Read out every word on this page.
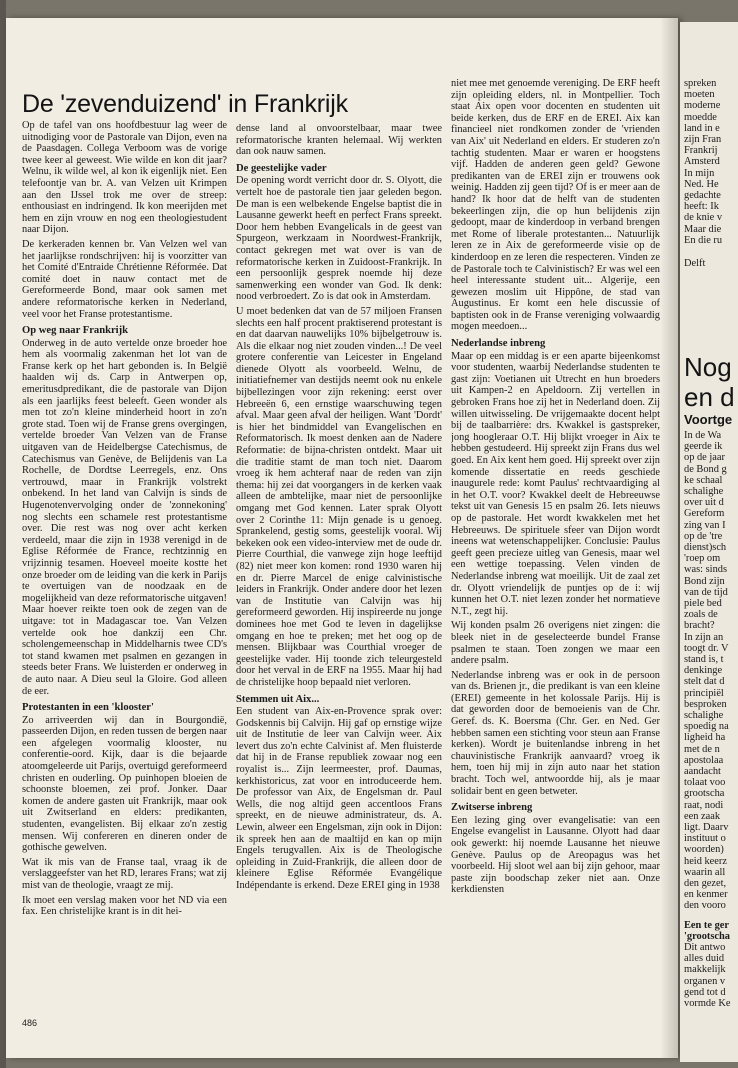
De 'zevenduizend' in Frankrijk

Op de tafel van ons hoofdbestuur lag weer de uitnodiging voor de Pastorale van Dijon, even na de Paasdagen. Collega Verboom was de vorige twee keer al geweest. Wie wilde en kon dit jaar? Welnu, ik wilde wel, al kon ik eigenlijk niet. Een telefoontje van br. A. van Velzen uit Krimpen aan den IJssel trok me over de streep: enthousiast en indringend. Ik kon meerijden met hem en zijn vrouw en nog een theologiestudent naar Dijon.

De kerkeraden kennen br. Van Velzen wel van het jaarlijkse rondschrijven: hij is voorzitter van het Comité d'Entraide Chrétienne Réformée. Dat comité doet in nauw contact met de Gereformeerde Bond, maar ook samen met andere reformatorische kerken in Nederland, veel voor het Franse protestantisme.

Op weg naar Frankrijk

Onderweg in de auto vertelde onze broeder hoe hem als voormalig zakenman het lot van de Franse kerk op het hart gebonden is. In België haalden wij ds. Carp in Antwerpen op, emeritusdpredikant, die de pastorale van Dijon als een jaarlijks feest beleeft. Geen wonder als men tot zo'n kleine minderheid hoort in zo'n grote stad. Toen wij de Franse grens overgingen, vertelde broeder Van Velzen van de Franse uitgaven van de Heidelbergse Catechismus, de Catechismus van Genève, de Belijdenis van La Rochelle, de Dordtse Leerregels, enz. Ons vertrouwd, maar in Frankrijk volstrekt onbekend. In het land van Calvijn is sinds de Hugenotenvervolging onder de 'zonnekoning' nog slechts een schamele rest protestantisme over. Die rest was nog over acht kerken verdeeld, maar die zijn in 1938 verenigd in de Eglise Réformée de France, rechtzinnig en vrijzinnig tesamen. Hoeveel moeite kostte het onze broeder om de leiding van die kerk in Parijs te overtuigen van de noodzaak en de mogelijkheid van deze reformatorische uitgaven! Maar hoever reikte toen ook de zegen van de uitgave: tot in Madagascar toe. Van Velzen vertelde ook hoe dankzij een Chr. scholengemeenschap in Middelharnis twee CD's tot stand kwamen met psalmen en gezangen in steeds beter Frans. We luisterden er onderweg in de auto naar. A Dieu seul la Gloire. God alleen de eer.

Protestanten in een 'klooster'

Zo arriveerden wij dan in Bourgondië, passeerden Dijon, en reden tussen de bergen naar een afgelegen voormalig klooster, nu conferentie-oord. Kijk, daar is die bejaarde atoomgeleerde uit Parijs, overtuigd gereformeerd christen en ouderling. Op puinhopen bloeien de schoonste bloemen, zei prof. Jonker. Daar komen de andere gasten uit Frankrijk, maar ook uit Zwitserland en elders: predikanten, studenten, evangelisten. Bij elkaar zo'n zestig mensen. Wij confereren en dineren onder de gothische gewelven.

Wat ik mis van de Franse taal, vraag ik de verslaggeefster van het RD, lerares Frans; wat zij mist van de theologie, vraagt ze mij.

Ik moet een verslag maken voor het ND via een fax. Een christelijke krant is in dit hei-

dense land al onvoorstelbaar, maar twee reformatorische kranten helemaal. Wij werkten dan ook nauw samen.

De geestelijke vader

De opening wordt verricht door dr. S. Olyott, die vertelt hoe de pastorale tien jaar geleden begon. De man is een welbekende Engelse baptist die in Lausanne gewerkt heeft en perfect Frans spreekt. Door hem hebben Evangelicals in de geest van Spurgeon, werkzaam in Noordwest-Frankrijk, contact gekregen met wat over is van de reformatorische kerken in Zuidoost-Frankrijk. In een persoonlijk gesprek noemde hij deze samenwerking een wonder van God. Ik denk: nood verbroedert. Zo is dat ook in Amsterdam.

U moet bedenken dat van de 57 miljoen Fransen slechts een half procent praktiserend protestant is en dat daarvan nauwelijks 10% bijbelgetrouw is. Als die elkaar nog niet zouden vinden...! De veel grotere conferentie van Leicester in Engeland dienede Olyott als voorbeeld. Welnu, de initiatiefnemer van destijds neemt ook nu enkele bijbellezingen voor zijn rekening: eerst over Hebreeën 6, een ernstige waarschuwing tegen afval. Maar geen afval der heiligen. Want 'Dordt' is hier het bindmiddel van Evangelischen en Reformatorisch. Ik moest denken aan de Nadere Reformatie: de bijna-christen ontdekt. Maar uit die traditie stamt de man toch niet. Daarom vroeg ik hem achteraf naar de reden van zijn thema: hij zei dat voorgangers in de kerken vaak alleen de ambtelijke, maar niet de persoonlijke omgang met God kennen. Later sprak Olyott over 2 Corinthe 11: Mijn genade is u genoeg. Sprankelend, gestig soms, geestelijk vooral. Wij bekeken ook een video-interview met de oude dr. Pierre Courthial, die vanwege zijn hoge leeftijd (82) niet meer kon komen: rond 1930 waren hij en dr. Pierre Marcel de enige calvinistische leiders in Frankrijk. Onder andere door het lezen van de Institutie van Calvijn was hij gereformeerd geworden. Hij inspireerde nu jonge dominees hoe met God te leven in dagelijkse omgang en hoe te preken; met het oog op de mensen. Blijkbaar was Courthial vroeger de geestelijke vader. Hij toonde zich teleurgesteld door het verval in de ERF na 1955. Maar hij had de christelijke hoop bepaald niet verloren.

Stemmen uit Aix...

Een student van Aix-en-Provence sprak over: Godskennis bij Calvijn. Hij gaf op ernstige wijze uit de Institutie de leer van Calvijn weer. Aix levert dus zo'n echte Calvinist af. Men fluisterde dat hij in de Franse republiek zowaar nog een royalist is... Zijn leermeester, prof. Daumas, kerkhistoricus, zat voor en introduceerde hem. De professor van Aix, de Engelsman dr. Paul Wells, die nog altijd geen accentloos Frans spreekt, en de nieuwe administrateur, ds. A. Lewin, alweer een Engelsman, zijn ook in Dijon: ik spreek hen aan de maaltijd en kan op mijn Engels terugvallen. Aix is de Theologische opleiding in Zuid-Frankrijk, die alleen door de kleinere Eglise Réformée Evangélique Indépendante is erkend. Deze EREI ging in 1938

niet mee met genoemde vereniging. De ERF heeft zijn opleiding elders, nl. in Montpellier. Toch staat Aix open voor docenten en studenten uit beide kerken, dus de ERF en de EREI. Aix kan financieel niet rondkomen zonder de 'vrienden van Aix' uit Nederland en elders. Er studeren zo'n tachtig studenten. Maar er waren er hoogstens vijf. Hadden de anderen geen geld? Gewone predikanten van de EREI zijn er trouwens ook weinig. Hadden zij geen tijd? Of is er meer aan de hand? Ik hoor dat de helft van de studenten bekeerlingen zijn, die op hun belijdenis zijn gedoopt, maar de kinderdoop in verband brengen met Rome of liberale protestanten... Natuurlijk leren ze in Aix de gereformeerde visie op de kinderdoop en ze leren die respecteren. Vinden ze de Pastorale toch te Calvinistisch? Er was wel een heel interessante student uit... Algerije, een gewezen moslim uit Hippône, de stad van Augustinus. Er komt een hele discussie of baptisten ook in de Franse vereniging volwaardig mogen meedoen...

Nederlandse inbreng

Maar op een middag is er een aparte bijeenkomst voor studenten, waarbij Nederlandse studenten te gast zijn: Voetianen uit Utrecht en hun broeders uit Kampen-2 en Apeldoorn. Zij vertellen in gebroken Frans hoe zij het in Nederland doen. Zij willen uitwisseling. De vrijgemaakte docent helpt bij de taalbarrière: drs. Kwakkel is gastspreker, jong hoogleraar O.T. Hij blijkt vroeger in Aix te hebben gestudeerd. Hij spreekt zijn Frans dus wel goed. En Aix kent hem goed. Hij spreekt over zijn komende dissertatie en reeds geschiede inaugurele rede: komt Paulus' rechtvaardiging al in het O.T. voor? Kwakkel deelt de Hebreeuwse tekst uit van Genesis 15 en psalm 26. Iets nieuws op de pastorale. Het wordt kwakkelen met het Hebreeuws. De spirituele sfeer van Dijon wordt ineens wat wetenschappelijker. Conclusie: Paulus geeft geen precieze uitleg van Genesis, maar wel een wettige toepassing. Velen vinden de Nederlandse inbreng wat moeilijk. Uit de zaal zet dr. Olyott vriendelijk de puntjes op de i: wij kunnen het O.T. niet lezen zonder het normatieve N.T., zegt hij.

Wij konden psalm 26 overigens niet zingen: die bleek niet in de geselecteerde bundel Franse psalmen te staan. Toen zongen we maar een andere psalm.

Nederlandse inbreng was er ook in de persoon van ds. Brienen jr., die predikant is van een kleine (EREI) gemeente in het kolossale Parijs. Hij is dat geworden door de bemoeienis van de Chr. Geref. ds. K. Boersma (Chr. Ger. en Ned. Ger hebben samen een stichting voor steun aan Franse kerken). Wordt je buitenlandse inbreng in het chauvinistische Frankrijk aanvaard? vroeg ik hem, toen hij mij in zijn auto naar het station bracht. Toch wel, antwoordde hij, als je maar solidair bent en geen betweter.

Zwitserse inbreng

Een lezing ging over evangelisatie: van een Engelse evangelist in Lausanne. Olyott had daar ook gewerkt: hij noemde Lausanne het nieuwe Genève. Paulus op de Areopagus was het voorbeeld. Hij sloot wel aan bij zijn gehoor, maar paste zijn boodschap zeker niet aan. Onze kerkdiensten

486
spreken
moeten
moderne
moedde
land in e
zijn Fran
Frankrij
Amsterd
In mijn
Ned. He
gedachte
heeft: Ik
de knie v
Maar die
En die ru
Delft
Nog
en d
Voortge
In de Wa
geerde ik
op de jaar
de Bond g
ke schaal
schalighe
over uit d
Gereform
zing van I
op de 'tre
dienst)sch
'roep om
was: sinds
Bond zijn
van de tijd
piele bed
zoals de
bracht?
In zijn an
toogt dr. V
stand is, t
denkinge
stelt dat d
principiël
besproken
schalighe
spoedig na
ligheid ha
met de n
apostolaa
aandacht
tolaat voo
grootscha
raat, nodi
een zaak
ligt. Daarv
instituut o
woorden)
heid keerz
waarin all
den gezet,
en kenmer
den vooro
Een te ger
'grootscha
Dit antwo
alles duid
makkelijk
organen v
gend tot d
vormde Ke
